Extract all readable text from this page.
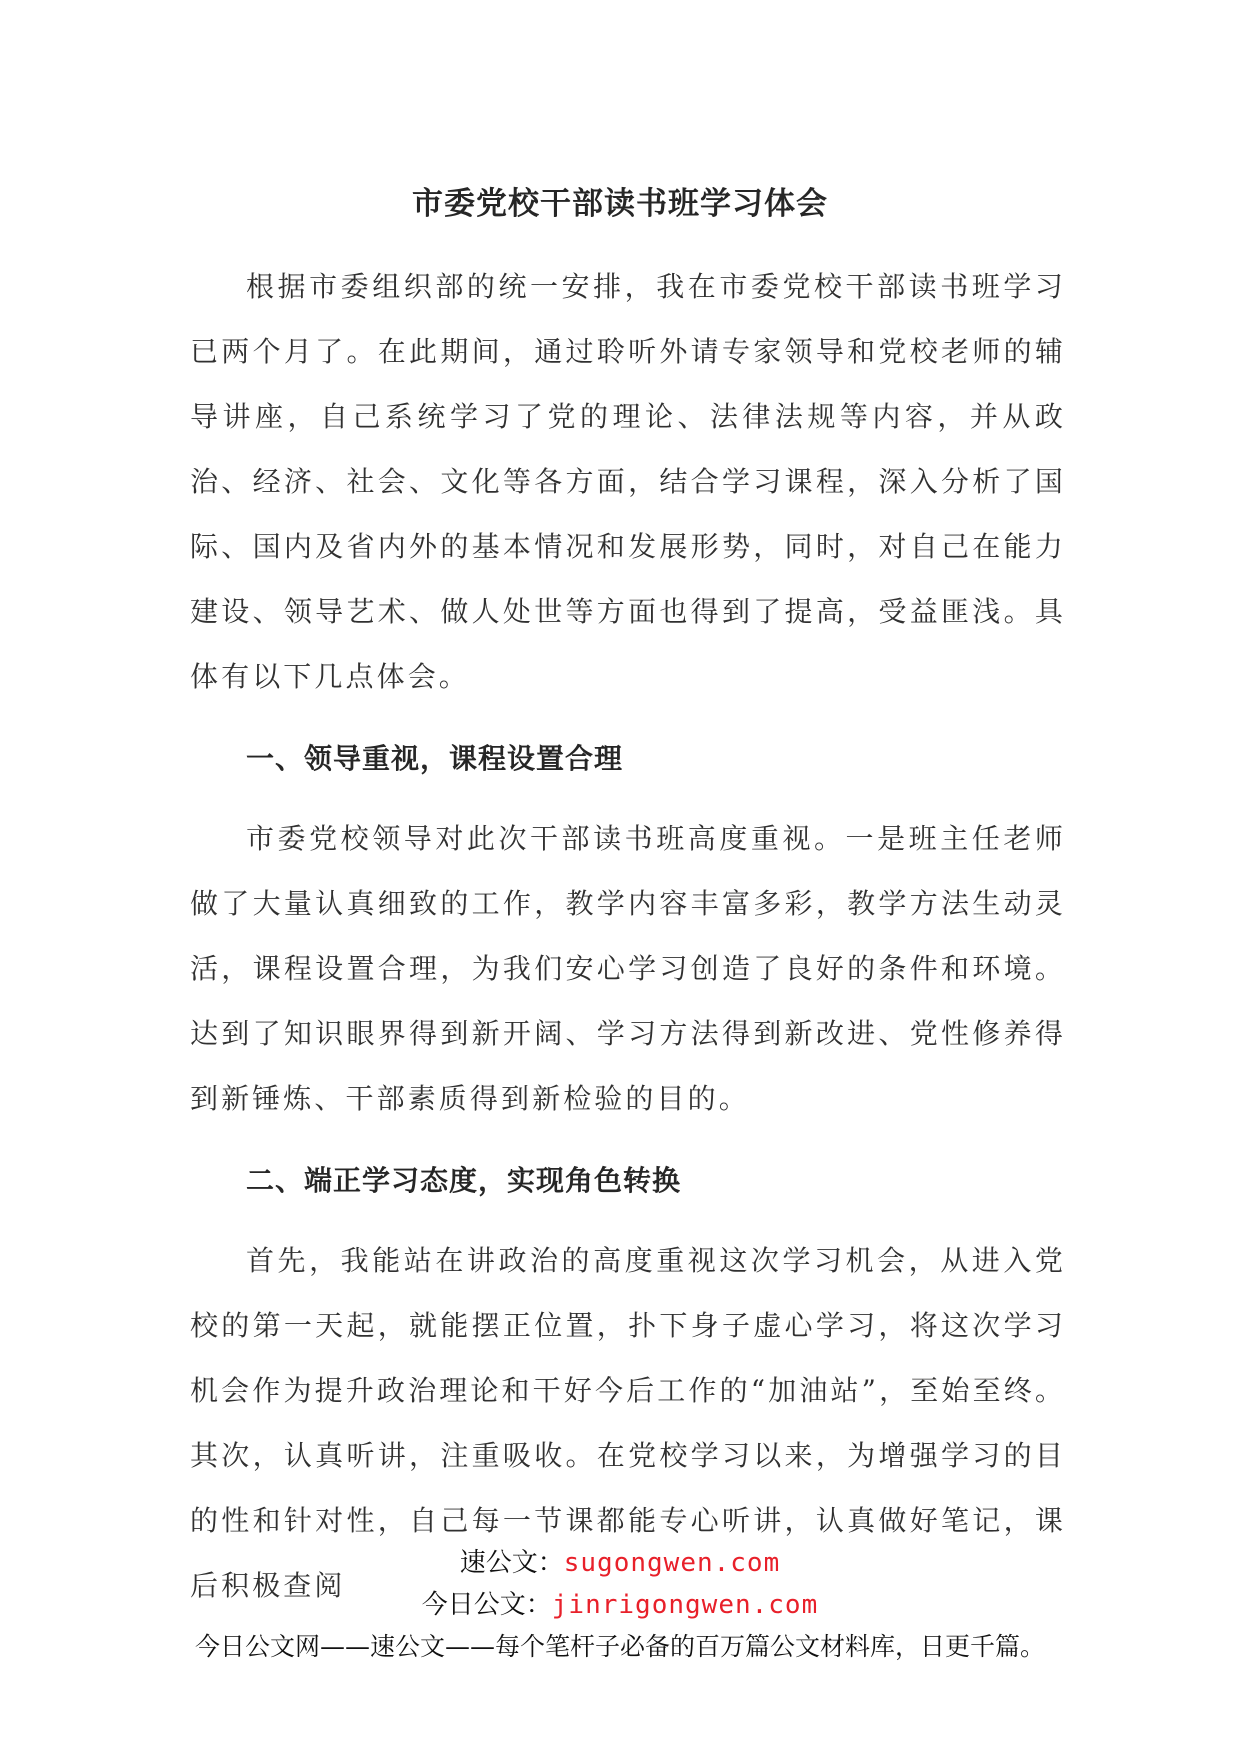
市委党校干部读书班学习体会

根据市委组织部的统一安排，我在市委党校干部读书班学习已两个月了。在此期间，通过聆听外请专家领导和党校老师的辅导讲座，自己系统学习了党的理论、法律法规等内容，并从政治、经济、社会、文化等各方面，结合学习课程，深入分析了国际、国内及省内外的基本情况和发展形势，同时，对自己在能力建设、领导艺术、做人处世等方面也得到了提高，受益匪浅。具体有以下几点体会。

一、领导重视，课程设置合理

市委党校领导对此次干部读书班高度重视。一是班主任老师做了大量认真细致的工作，教学内容丰富多彩，教学方法生动灵活，课程设置合理，为我们安心学习创造了良好的条件和环境。达到了知识眼界得到新开阔、学习方法得到新改进、党性修养得到新锤炼、干部素质得到新检验的目的。

二、端正学习态度，实现角色转换

首先，我能站在讲政治的高度重视这次学习机会，从进入党校的第一天起，就能摆正位置，扑下身子虚心学习，将这次学习机会作为提升政治理论和干好今后工作的“加油站”，至始至终。其次，认真听讲，注重吸收。在党校学习以来，为增强学习的目的性和针对性，自己每一节课都能专心听讲，认真做好笔记，课后积极查阅

速公文：sugongwen.com
今日公文：jinrigongwen.com
今日公文网——速公文——每个笔杆子必备的百万篇公文材料库，日更千篇。
